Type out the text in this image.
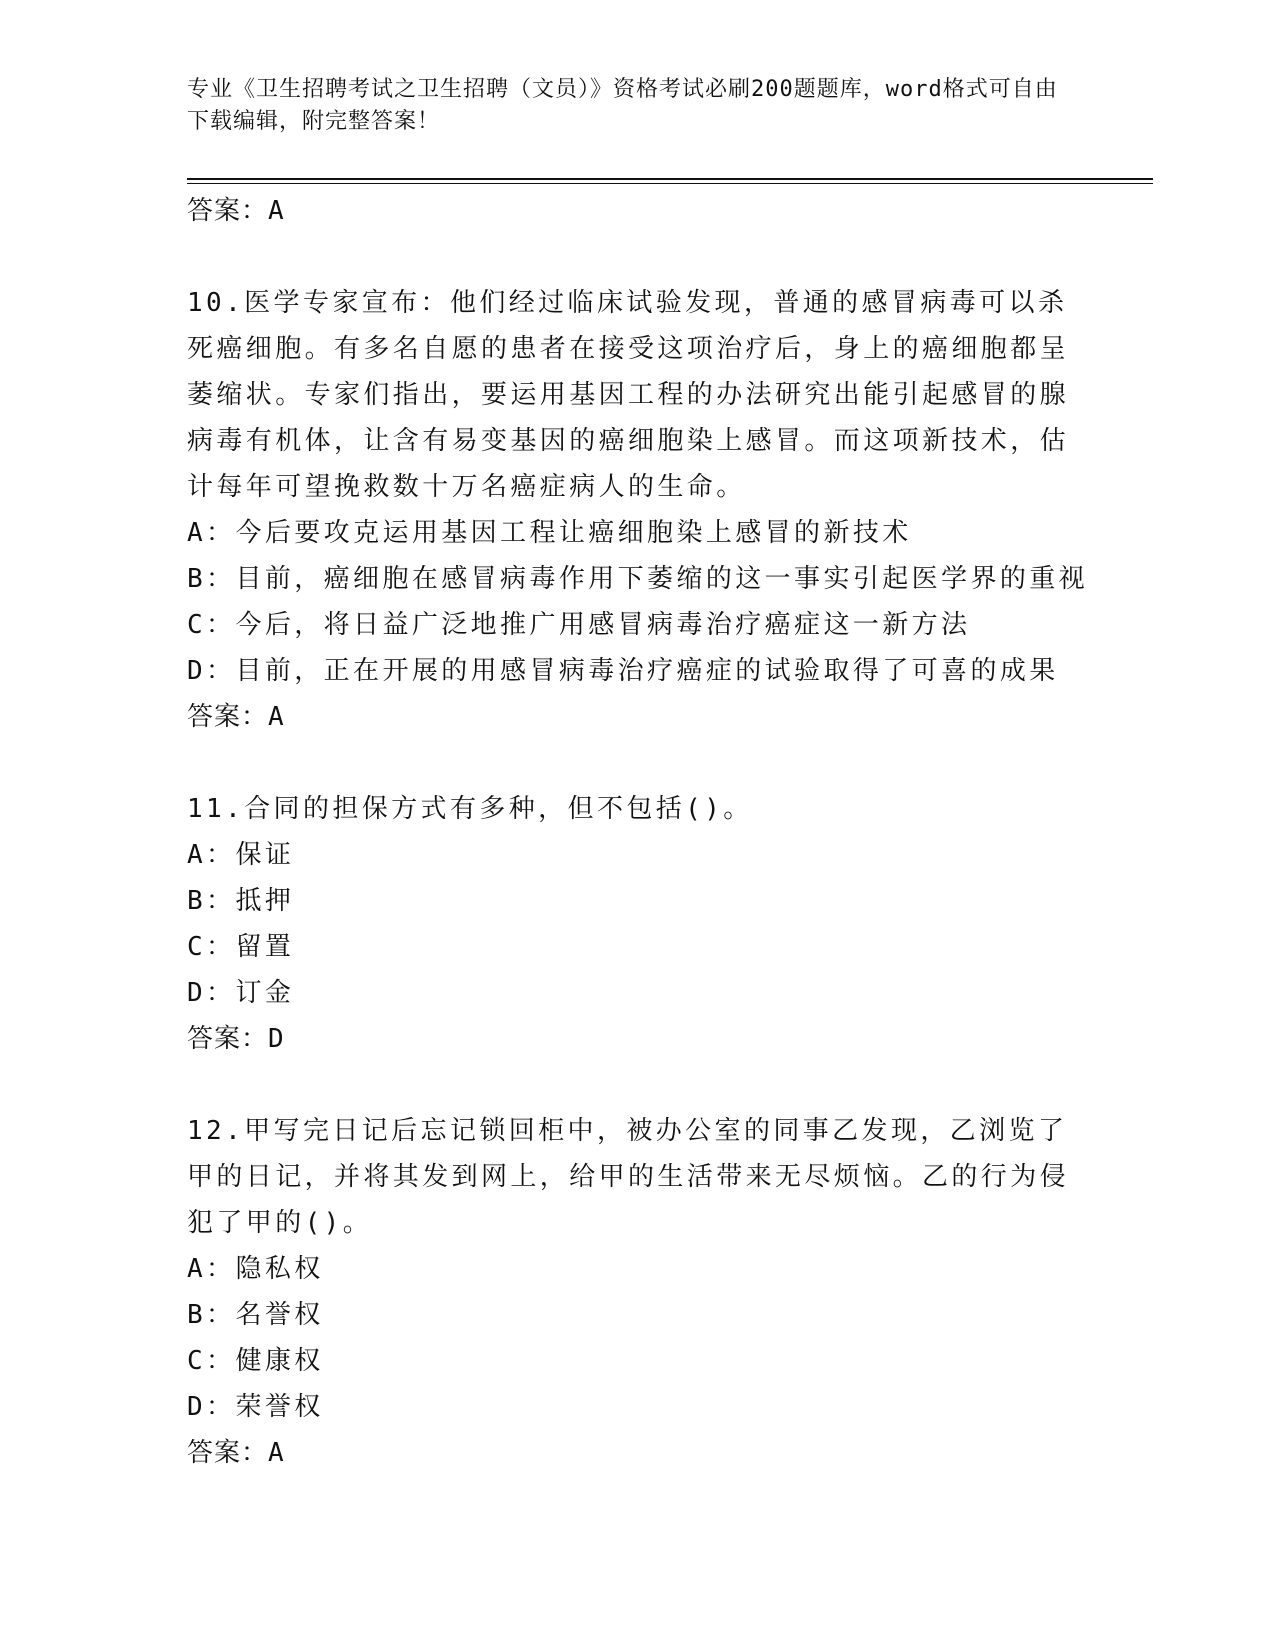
专业《卫生招聘考试之卫生招聘（文员）》资格考试必刷200题题库，word格式可自由下载编辑，附完整答案！

答案：A

10.医学专家宣布：他们经过临床试验发现，普通的感冒病毒可以杀死癌细胞。有多名自愿的患者在接受这项治疗后，身上的癌细胞都呈萎缩状。专家们指出，要运用基因工程的办法研究出能引起感冒的腺病毒有机体，让含有易变基因的癌细胞染上感冒。而这项新技术，估计每年可望挽救数十万名癌症病人的生命。

A：今后要攻克运用基因工程让癌细胞染上感冒的新技术
B：目前，癌细胞在感冒病毒作用下萎缩的这一事实引起医学界的重视
C：今后，将日益广泛地推广用感冒病毒治疗癌症这一新方法
D：目前，正在开展的用感冒病毒治疗癌症的试验取得了可喜的成果

答案：A

11.合同的担保方式有多种，但不包括()。

A：保证
B：抵押
C：留置
D：订金

答案：D

12.甲写完日记后忘记锁回柜中，被办公室的同事乙发现，乙浏览了甲的日记，并将其发到网上，给甲的生活带来无尽烦恼。乙的行为侵犯了甲的()。

A：隐私权
B：名誉权
C：健康权
D：荣誉权

答案：A
